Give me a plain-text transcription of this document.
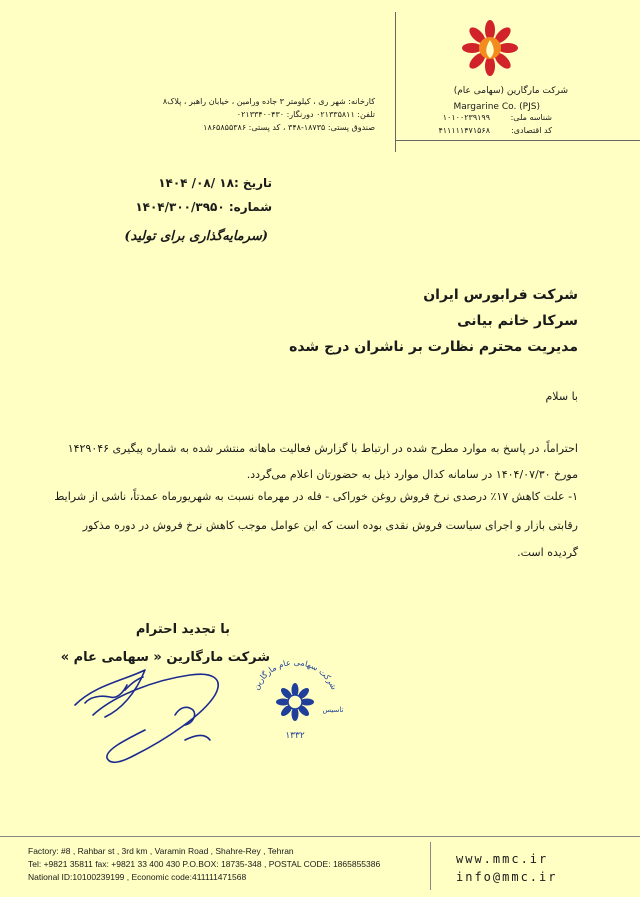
شرکت مارگارین (سهامی عام)
Margarine Co. (PJS)
شناسه ملی:
۱۰۱۰۰۲۳۹۱۹۹
کد اقتصادی:
۴۱۱۱۱۱۴۷۱۵۶۸
کارخانه: شهر ری ، کیلومتر ۳ جاده ورامین ، خیابان راهبر ، پلاک۸
تلفن: ۰۲۱۳۳۵۸۱۱ دورنگار: ۰۲۱۳۳۴۰۰۴۳۰
صندوق پستی: ۱۸۷۳۵-۳۴۸ ، کد پستی: ۱۸۶۵۸۵۵۳۸۶
تاریخ :۱۸ /۰۸/ ۱۴۰۴
شماره: ۱۴۰۴/۳۰۰/۳۹۵۰
(سرمایه‌گذاری برای تولید)
شرکت فرابورس ایران
سرکار خانم بیانی
مدیریت محترم نظارت بر ناشران درج شده
با سلام
احتراماً، در پاسخ به موارد مطرح شده در ارتباط با گزارش فعالیت ماهانه منتشر شده به شماره پیگیری ۱۴۲۹۰۴۶
مورخ ۱۴۰۴/۰۷/۳۰ در سامانه کدال موارد ذیل به حضورتان اعلام می‌گردد.
۱- علت کاهش ۱۷٪ درصدی نرخ فروش روغن خوراکی - فله در مهرماه نسبت به شهریورماه عمدتاً، ناشی از شرایط
رقابتی بازار و اجرای سیاست فروش نقدی بوده است که این عوامل موجب کاهش نرخ فروش در دوره مذکور
گردیده است.
با تجدید احترام
شرکت مارگارین « سهامی عام »
شرکت سهامی عام مارگارین
تاسیس
۱۳۳۲
Factory: #8 , Rahbar st , 3rd km , Varamin Road , Shahre-Rey , Tehran
Tel: +9821 35811 fax: +9821 33 400 430 P.O.BOX: 18735-348 , POSTAL CODE: 1865855386
National ID:10100239199 , Economic code:411111471568
www.mmc.ir
info@mmc.ir
